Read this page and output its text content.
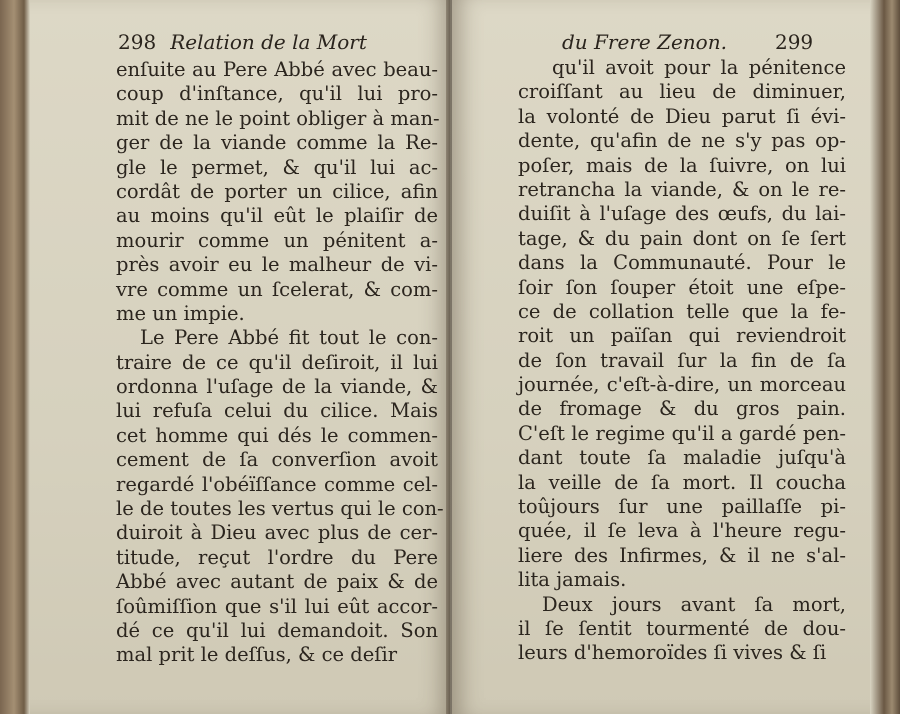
298 Relation de la Mort
enſuite au Pere Abbé avec beau-
coup d'inſtance, qu'il lui pro-
mit de ne le point obliger à man-
ger de la viande comme la Re-
gle le permet, & qu'il lui ac-
cordât de porter un cilice, afin
au moins qu'il eût le plaiſir de
mourir comme un pénitent a-
près avoir eu le malheur de vi-
vre comme un ſcelerat, & com-
me un impie.
Le Pere Abbé fit tout le con-
traire de ce qu'il deſiroit, il lui
ordonna l'uſage de la viande, &
lui refuſa celui du cilice. Mais
cet homme qui dés le commen-
cement de ſa converſion avoit
regardé l'obéïſſance comme cel-
le de toutes les vertus qui le con-
duiroit à Dieu avec plus de cer-
titude, reçut l'ordre du Pere
Abbé avec autant de paix & de
ſoûmiſſion que s'il lui eût accor-
dé ce qu'il lui demandoit. Son
mal prit le deſſus, & ce deſir
du Frere Zenon. 299
qu'il avoit pour la pénitence
croiſſant au lieu de diminuer,
la volonté de Dieu parut ſi évi-
dente, qu'afin de ne s'y pas op-
poſer, mais de la ſuivre, on lui
retrancha la viande, & on le re-
duiſit à l'uſage des œufs, du lai-
tage, & du pain dont on ſe ſert
dans la Communauté. Pour le
ſoir ſon ſouper étoit une eſpe-
ce de collation telle que la fe-
roit un païſan qui reviendroit
de ſon travail ſur la fin de ſa
journée, c'eſt-à-dire, un morceau
de fromage & du gros pain.
C'eſt le regime qu'il a gardé pen-
dant toute ſa maladie juſqu'à
la veille de ſa mort. Il coucha
toûjours ſur une paillaſſe pi-
quée, il ſe leva à l'heure regu-
liere des Infirmes, & il ne s'al-
lita jamais.
Deux jours avant ſa mort,
il ſe ſentit tourmenté de dou-
leurs d'hemoroïdes ſi vives & ſi
